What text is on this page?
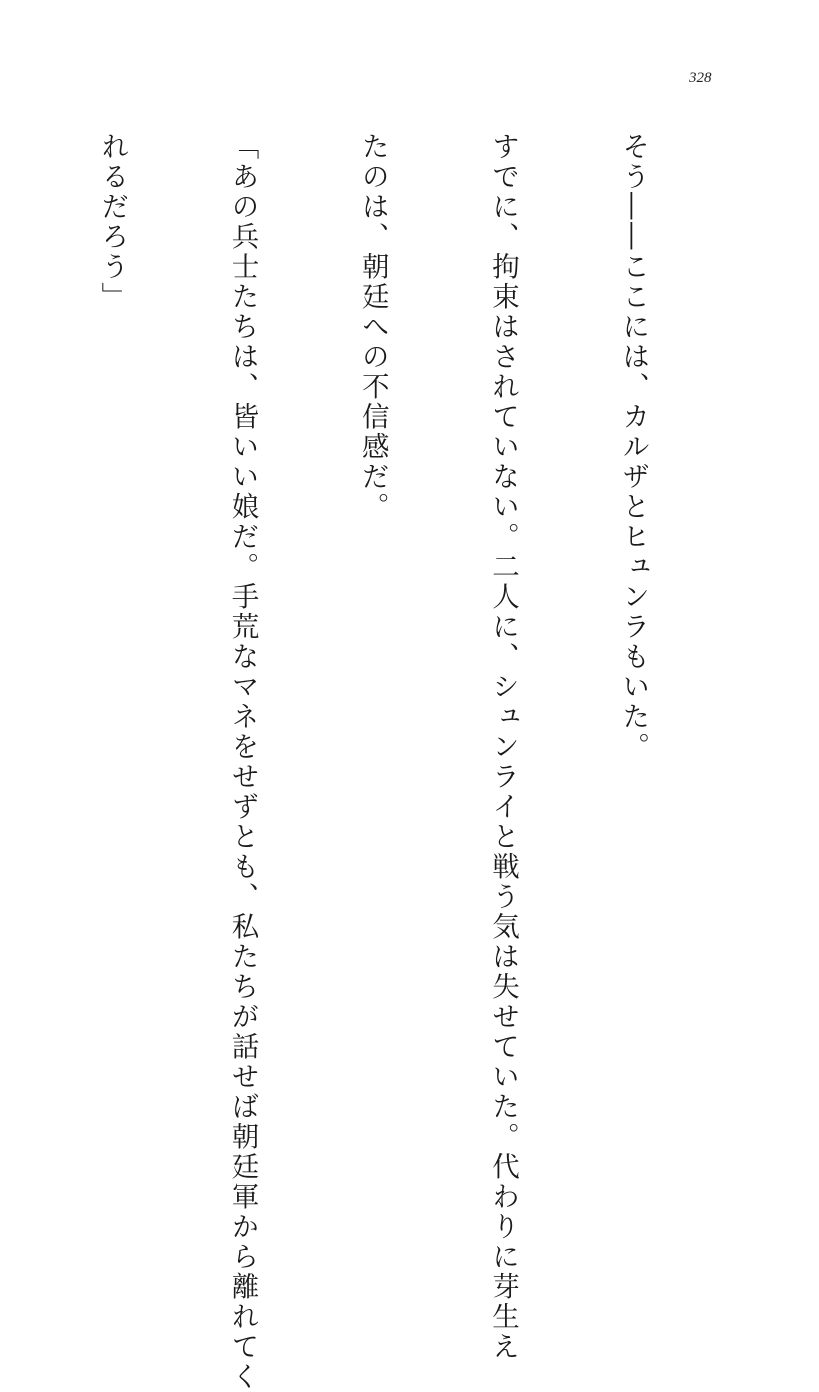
328

そう――ここには、カルザとヒュンラもいた。

すでに、拘束はされていない。二人に、シュンライと戦う気は失せていた。代わりに芽生え

たのは、朝廷への不信感だ。

「あの兵士たちは、皆いい娘だ。手荒なマネをせずとも、私たちが話せば朝廷軍から離れてく

れるだろう」
